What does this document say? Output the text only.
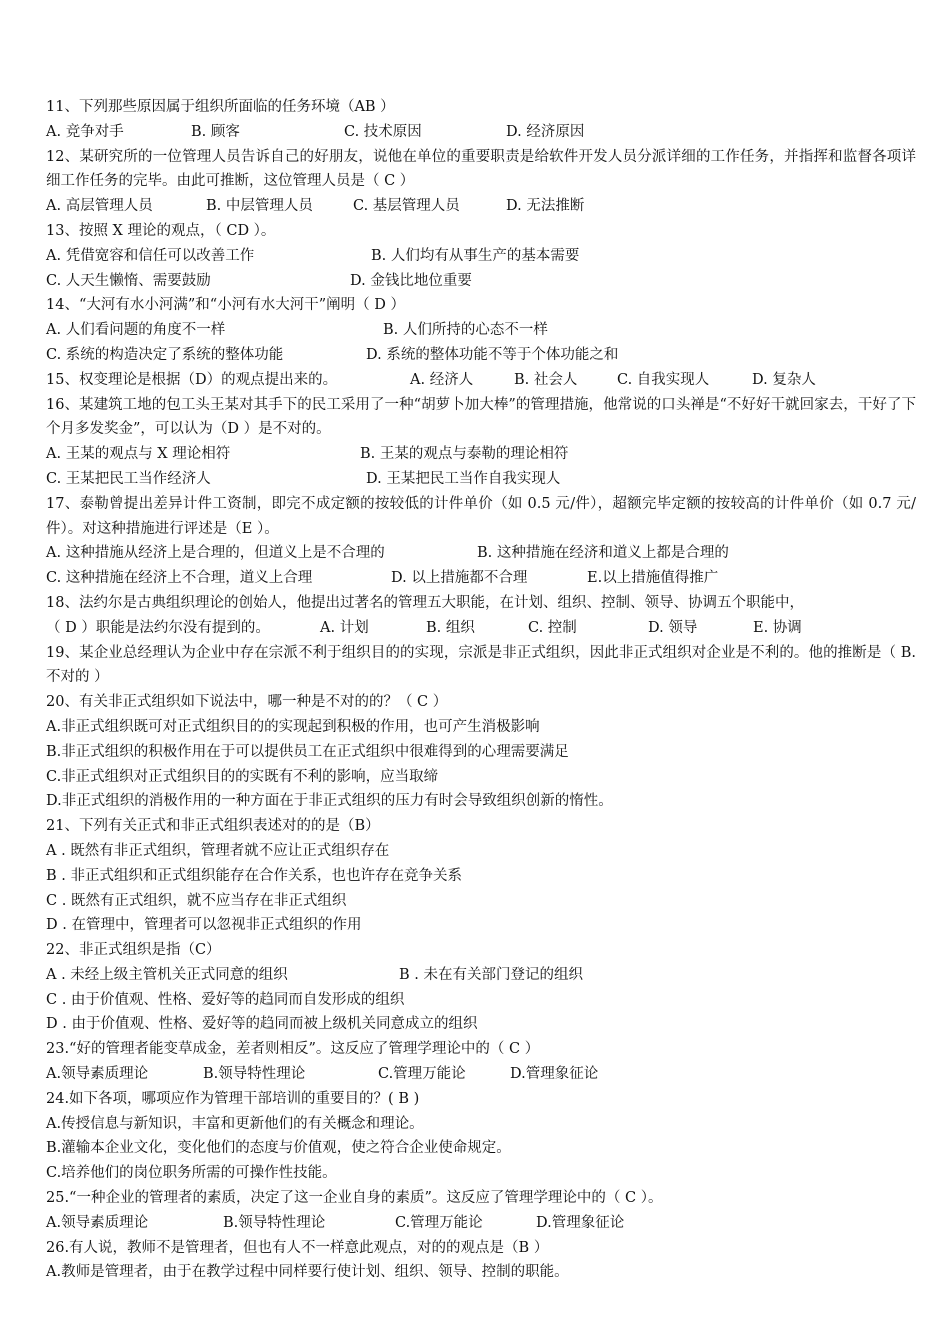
11、下列那些原因属于组织所面临的任务环境（AB ）
A. 竞争对手	B. 顾客	C. 技术原因	D. 经济原因
12、某研究所的一位管理人员告诉自己的好朋友，说他在单位的重要职责是给软件开发人员分派详细的工作任务，并指挥和监督各项详细工作任务的完毕。由此可推断，这位管理人员是（ C ）
A. 高层管理人员	B. 中层管理人员	C. 基层管理人员	D. 无法推断
13、按照 X 理论的观点，（ CD ）。
A. 凭借宽容和信任可以改善工作	B. 人们均有从事生产的基本需要
C. 人天生懒惰、需要鼓励	D. 金钱比地位重要
14、“大河有水小河满”和“小河有水大河干”阐明（ D ）
A. 人们看问题的角度不一样	B. 人们所持的心态不一样
C. 系统的构造决定了系统的整体功能	D. 系统的整体功能不等于个体功能之和
15、权变理论是根据（D）的观点提出来的。	A. 经济人	B. 社会人	C. 自我实现人	D. 复杂人
16、某建筑工地的包工头王某对其手下的民工采用了一种“胡萝卜加大棒”的管理措施，他常说的口头禅是“不好好干就回家去，干好了下个月多发奖金”，可以认为（D ）是不对的。
A. 王某的观点与 X 理论相符	B. 王某的观点与泰勒的理论相符
C. 王某把民工当作经济人	D. 王某把民工当作自我实现人
17、泰勒曾提出差异计件工资制，即完不成定额的按较低的计件单价（如 0.5 元/件），超额完毕定额的按较高的计件单价（如 0.7 元/件）。对这种措施进行评述是（E ）。
A. 这种措施从经济上是合理的，但道义上是不合理的	B. 这种措施在经济和道义上都是合理的
C. 这种措施在经济上不合理，道义上合理	D. 以上措施都不合理	E.以上措施值得推广
18、法约尔是古典组织理论的创始人，他提出过著名的管理五大职能，在计划、组织、控制、领导、协调五个职能中，
（ D ）职能是法约尔没有提到的。	A. 计划	B. 组织	C. 控制	D. 领导	E. 协调
19、某企业总经理认为企业中存在宗派不利于组织目的的实现，宗派是非正式组织，因此非正式组织对企业是不利的。他的推断是（ B. 不对的 ）
20、有关非正式组织如下说法中，哪一种是不对的的？（ C ）
A.非正式组织既可对正式组织目的的实现起到积极的作用，也可产生消极影响
B.非正式组织的积极作用在于可以提供员工在正式组织中很难得到的心理需要满足
C.非正式组织对正式组织目的的实既有不利的影响，应当取缔
D.非正式组织的消极作用的一种方面在于非正式组织的压力有时会导致组织创新的惰性。
21、下列有关正式和非正式组织表述对的的是（B）
A . 既然有非正式组织，管理者就不应让正式组织存在
B . 非正式组织和正式组织能存在合作关系，也也许存在竞争关系
C . 既然有正式组织，就不应当存在非正式组织
D . 在管理中，管理者可以忽视非正式组织的作用
22、非正式组织是指（C）
A . 未经上级主管机关正式同意的组织	B . 未在有关部门登记的组织
C . 由于价值观、性格、爱好等的趋同而自发形成的组织
D . 由于价值观、性格、爱好等的趋同而被上级机关同意成立的组织
23.“好的管理者能变草成金，差者则相反”。这反应了管理学理论中的（ C ）
A.领导素质理论	B.领导特性理论	C.管理万能论	D.管理象征论
24.如下各项，哪项应作为管理干部培训的重要目的？( B )
A.传授信息与新知识，丰富和更新他们的有关概念和理论。
B.灌输本企业文化，变化他们的态度与价值观，使之符合企业使命规定。
C.培养他们的岗位职务所需的可操作性技能。
25.“一种企业的管理者的素质，决定了这一企业自身的素质”。这反应了管理学理论中的（ C ）。
A.领导素质理论	B.领导特性理论	C.管理万能论	D.管理象征论
26.有人说，教师不是管理者，但也有人不一样意此观点，对的的观点是（B ）
A.教师是管理者，由于在教学过程中同样要行使计划、组织、领导、控制的职能。
